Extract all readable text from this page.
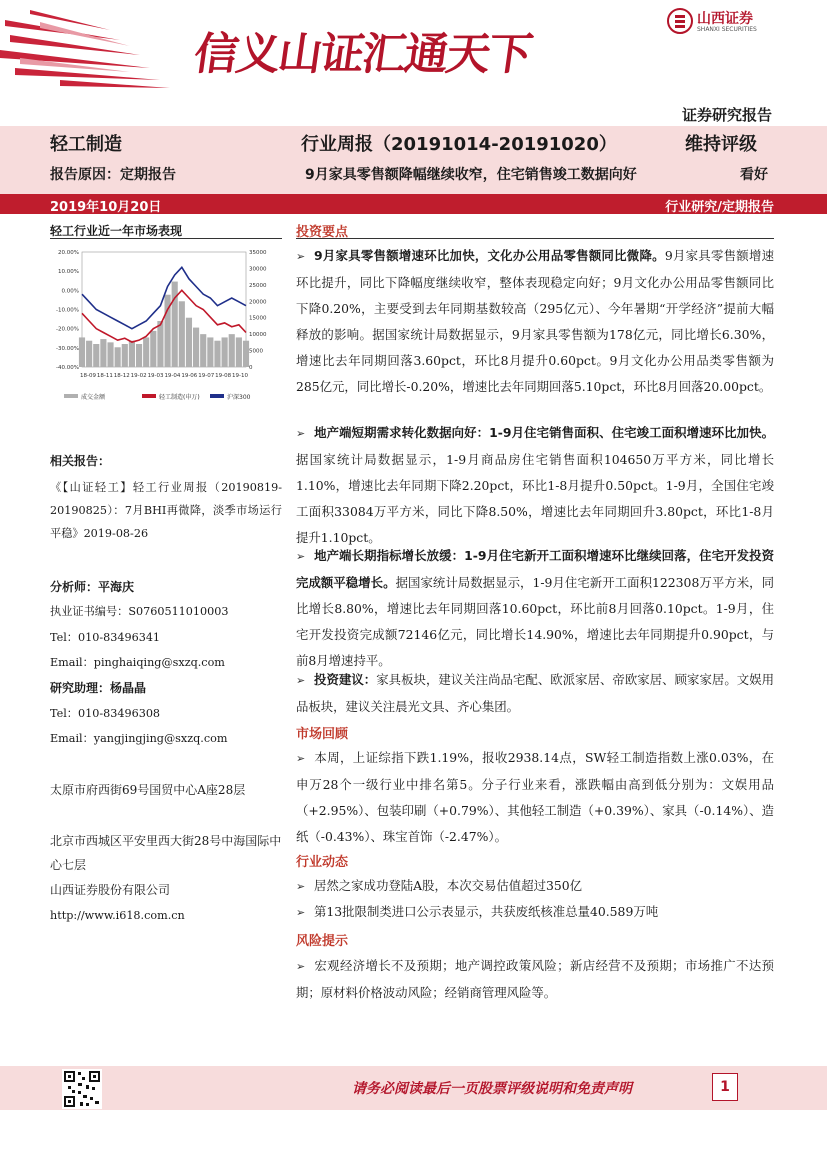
信义山证汇通天下
山西证券
SHANXI SECURITIES
证券研究报告
轻工制造	行业周报（20191014-20191020）	维持评级
报告原因：定期报告	9月家具零售额降幅继续收窄，住宅销售竣工数据向好	看好
2019年10月20日	行业研究/定期报告
轻工行业近一年市场表现
20.00%
10.00%
0.00%
-10.00%
-20.00%
-30.00%
-40.00%
35000
30000
25000
20000
15000
10000
5000
0
18-09 18-11 18-12 19-02 19-03 19-04 19-06 19-07 19-08 19-10
成交金额	轻工制造(申万)	沪深300
相关报告：
《【山证轻工】轻工行业周报（20190819-20190825）：7月BHI再微降，淡季市场运行平稳》2019-08-26
分析师：平海庆
执业证书编号：S0760511010003
Tel：010-83496341
Email：pinghaiqing@sxzq.com
研究助理：杨晶晶
Tel：010-83496308
Email：yangjingjing@sxzq.com
太原市府西街69号国贸中心A座28层
北京市西城区平安里西大街28号中海国际中心七层
山西证券股份有限公司
http://www.i618.com.cn
投资要点
➢ 9月家具零售额增速环比加快，文化办公用品零售额同比微降。9月家具零售额增速环比提升，同比下降幅度继续收窄，整体表现稳定向好；9月文化办公用品零售额同比下降0.20%，主要受到去年同期基数较高（295亿元）、今年暑期“开学经济”提前大幅释放的影响。据国家统计局数据显示，9月家具零售额为178亿元，同比增长6.30%，增速比去年同期回落3.60pct，环比8月提升0.60pct。9月文化办公用品类零售额为285亿元，同比增长-0.20%，增速比去年同期回落5.10pct，环比8月回落20.00pct。
➢ 地产端短期需求转化数据向好：1-9月住宅销售面积、住宅竣工面积增速环比加快。据国家统计局数据显示，1-9月商品房住宅销售面积104650万平方米，同比增长1.10%，增速比去年同期下降2.20pct，环比1-8月提升0.50pct。1-9月，全国住宅竣工面积33084万平方米，同比下降8.50%，增速比去年同期回升3.80pct，环比1-8月提升1.10pct。
➢ 地产端长期指标增长放缓：1-9月住宅新开工面积增速环比继续回落，住宅开发投资完成额平稳增长。据国家统计局数据显示，1-9月住宅新开工面积122308万平方米，同比增长8.80%，增速比去年同期回落10.60pct，环比前8月回落0.10pct。1-9月，住宅开发投资完成额72146亿元，同比增长14.90%，增速比去年同期提升0.90pct，与前8月增速持平。
➢ 投资建议：家具板块，建议关注尚品宅配、欧派家居、帝欧家居、顾家家居。文娱用品板块，建议关注晨光文具、齐心集团。
市场回顾
➢ 本周，上证综指下跌1.19%，报收2938.14点，SW轻工制造指数上涨0.03%，在申万28个一级行业中排名第5。分子行业来看，涨跌幅由高到低分别为：文娱用品（+2.95%）、包装印刷（+0.79%）、其他轻工制造（+0.39%）、家具（-0.14%）、造纸（-0.43%）、珠宝首饰（-2.47%）。
行业动态
➢ 居然之家成功登陆A股，本次交易估值超过350亿
➢ 第13批限制类进口公示表显示，共获废纸核准总量40.589万吨
风险提示
➢ 宏观经济增长不及预期；地产调控政策风险；新店经营不及预期；市场推广不达预期；原材料价格波动风险；经销商管理风险等。
请务必阅读最后一页股票评级说明和免责声明	1
